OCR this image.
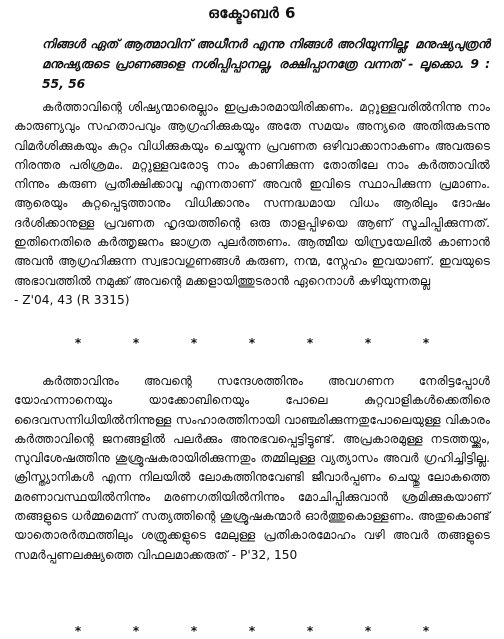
ഒക്ടോബർ 6
നിങ്ങൾ ഏത് ആത്മാവിന് അധീനർ എന്നു നിങ്ങൾ അറിയുന്നില്ല; മനുഷ്യപുത്രൻ മനുഷ്യരുടെ പ്രാണങ്ങളെ നശിപ്പിപ്പാനല്ല, രക്ഷിപ്പാനത്രേ വന്നത് - ലൂക്കൊ. 9 : 55, 56
കർത്താവിന്റെ ശിഷ്യന്മാരെല്ലാം ഇപ്രകാരമായിരിക്കണം. മറ്റുള്ളവരിൽനിന്നു നാം കാരുണ്യവും സഹതാപവും ആഗ്രഹിക്കുകയും അതേ സമയം അന്യരെ അതിരുകടന്നു വിമർശിക്കുകയും കുറ്റം വിധിക്കുകയും ചെയ്യുന്ന പ്രവണത ഒഴിവാക്കാനാകണം അവരുടെ നിരന്തര പരിശ്രമം. മറ്റുള്ളവരോടു നാം കാണിക്കുന്ന തോതിലേ നാം കർത്താവിൽ നിന്നും കരുണ പ്രതീക്ഷിക്കാവൂ എന്നതാണ് അവൻ ഇവിടെ സ്ഥാപിക്കുന്ന പ്രമാണം. ആരെയും കുറ്റപ്പെടുത്താനും വിധിക്കാനും സന്നദ്ധമായ വിധം ആരിലും ദോഷം ദർശിക്കാനുള്ള പ്രവണത ഹൃദയത്തിന്റെ ഒരു താളപ്പിഴയെ ആണ് സൂചിപ്പിക്കുന്നത്. ഇതിനെതിരെ കർത്തൃജനം ജാഗ്രത പുലർത്തണം. ആത്മീയ യിസ്രയേലിൽ കാണാൻ അവൻ ആഗ്രഹിക്കുന്ന സ്വഭാവഗുണങ്ങൾ കരുണ, നന്മ, സ്നേഹം ഇവയാണ്. ഇവയുടെ അഭാവത്തിൽ നമുക്ക് അവന്റെ മക്കളായിത്തുടരാൻ ഏറെനാൾ കഴിയുന്നതല്ല
- Z'04, 43 (R 3315)
*	*	*	*	*	*	*
കർത്താവിനും അവന്റെ സന്ദേശത്തിനും അവഗണന നേരിട്ടപ്പോൾ യോഹന്നാനെയും യാക്കോബിനെയും പോലെ കുറ്റവാളികൾക്കെതിരെ ദൈവസന്നിധിയിൽനിന്നുള്ള സംഹാരത്തിനായി വാഞ്ഛിക്കുന്നതുപോലെയുള്ള വികാരം കർത്താവിന്റെ ജനങ്ങളിൽ പലർക്കും അനുഭവപ്പെട്ടിട്ടുണ്ട്. അപ്രകാരമുള്ള നടത്തയ്ക്കും, സുവിശേഷത്തിനു ശുശ്രൂഷകരായിരിക്കുന്നതും തമ്മിലുള്ള വ്യത്യാസം അവർ ഗ്രഹിച്ചിട്ടില്ല. ക്രിസ്ത്യാനികൾ എന്ന നിലയിൽ ലോകത്തിനുവേണ്ടി ജീവാർപ്പണം ചെയ്തു ലോകത്തെ മരണാവസ്ഥയിൽനിന്നും മരണഗതിയിൽനിന്നും മോചിപ്പിക്കുവാൻ ശ്രമിക്കുകയാണ് തങ്ങളുടെ ധർമ്മമെന്ന് സത്യത്തിന്റെ ശുശ്രൂഷകന്മാർ ഓർത്തുകൊള്ളണം. അതുകൊണ്ട് യാതൊരർത്ഥത്തിലും ശത്രുക്കളുടെ മേലുള്ള പ്രതികാരമോഹം വഴി അവർ തങ്ങളുടെ സമർപ്പണലക്ഷ്യത്തെ വിഫലമാക്കരുത് - P'32, 150
*	*	*	*	*	*	*
